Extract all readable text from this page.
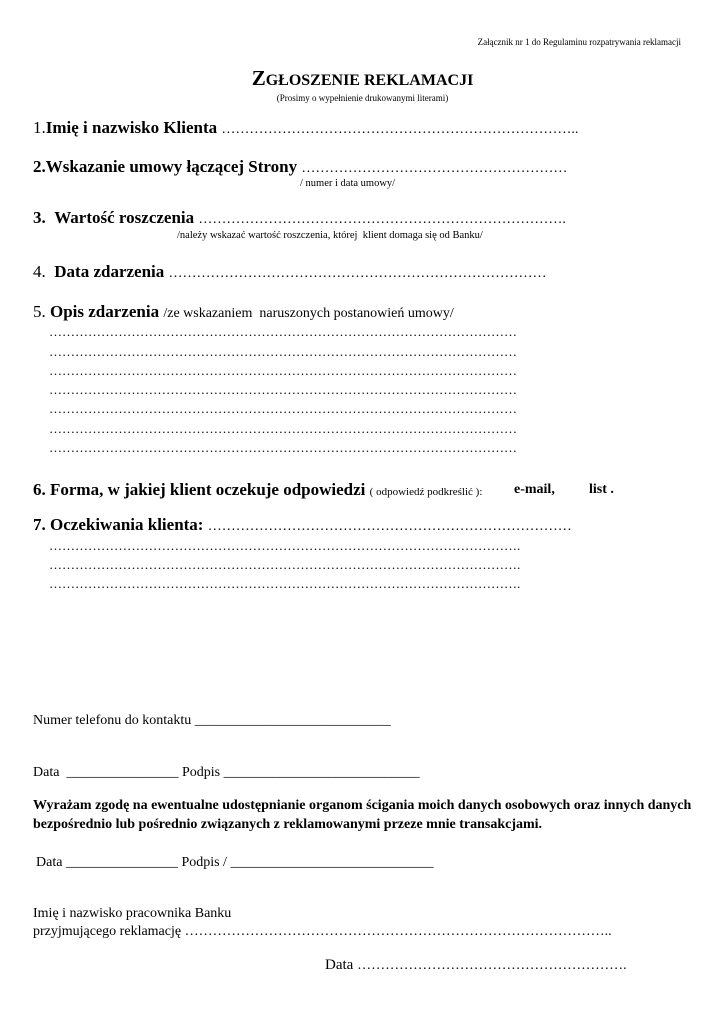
Załącznik nr 1 do Regulaminu rozpatrywania reklamacji
ZGŁOSZENIE REKLAMACJI
(Prosimy o wypełnienie drukowanymi literami)
1.Imię i nazwisko Klienta …………………………………………………………………..
2.Wskazanie umowy łączącej Strony …………………………………………………
/ numer i data umowy/
3. Wartość roszczenia …………………………………………………………………….
/należy wskazać wartość roszczenia, której  klient domaga się od Banku/
4. Data zdarzenia ………………………………………………………………………
5. Opis zdarzenia /ze wskazaniem  naruszonych postanowień umowy/
………………………………………………………………………………………………
………………………………………………………………………………………………
………………………………………………………………………………………………
………………………………………………………………………………………………
………………………………………………………………………………………………
………………………………………………………………………………………………
………………………………………………………………………………………………
6. Forma, w jakiej klient oczekuje odpowiedzi ( odpowiedź podkreślić ): e-mail, list .
7. Oczekiwania klienta: ……………………………………………………………………
……………………………………………………………………………………………….
……………………………………………………………………………………………….
……………………………………………………………………………………………….
Numer telefonu do kontaktu ____________________________
Data ________________ Podpis ____________________________
Wyrażam zgodę na ewentualne udostępnianie organom ścigania moich danych osobowych oraz innych danych bezpośrednio lub pośrednio związanych z reklamowanymi przeze mnie transakcjami.
Data ________________ Podpis / _____________________________
Imię i nazwisko pracownika Banku
przyjmującego reklamację ………………………………………………………………………………..
Data ………………………………………………….
